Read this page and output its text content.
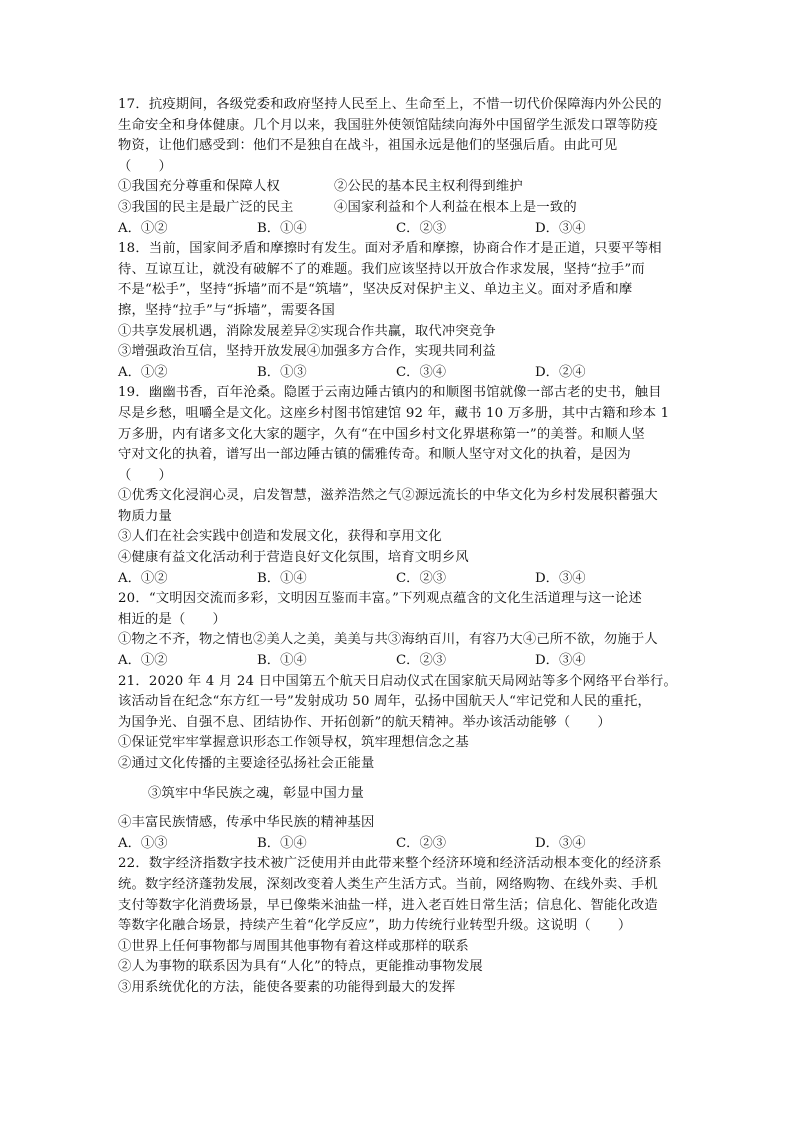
17．抗疫期间，各级党委和政府坚持人民至上、生命至上，不惜一切代价保障海内外公民的
生命安全和身体健康。几个月以来，我国驻外使领馆陆续向海外中国留学生派发口罩等防疫
物资，让他们感受到：他们不是独自在战斗，祖国永远是他们的坚强后盾。由此可见
（　　）
①我国充分尊重和保障人权　　　　②公民的基本民主权利得到维护
③我国的民主是最广泛的民主　　　④国家利益和个人利益在根本上是一致的
A．①②	B．①④	C．②③	D．③④
18．当前，国家间矛盾和摩擦时有发生。面对矛盾和摩擦，协商合作才是正道，只要平等相
待、互谅互让，就没有破解不了的难题。我们应该坚持以开放合作求发展，坚持“拉手”而
不是“松手”，坚持“拆墙”而不是“筑墙”，坚决反对保护主义、单边主义。面对矛盾和摩
擦，坚持“拉手”与“拆墙”，需要各国
①共享发展机遇，消除发展差异②实现合作共赢，取代冲突竞争
③增强政治互信，坚持开放发展④加强多方合作，实现共同利益
A．①②	B．①③	C．③④	D．②④
19．幽幽书香，百年沧桑。隐匿于云南边陲古镇内的和顺图书馆就像一部古老的史书，触目
尽是乡愁，咀嚼全是文化。这座乡村图书馆建馆 92 年，藏书 10 万多册，其中古籍和珍本 1
万多册，内有诸多文化大家的题字，久有“在中国乡村文化界堪称第一”的美誉。和顺人坚
守对文化的执着，谱写出一部边陲古镇的儒雅传奇。和顺人坚守对文化的执着，是因为
（　　）
①优秀文化浸润心灵，启发智慧，滋养浩然之气②源远流长的中华文化为乡村发展积蓄强大
物质力量
③人们在社会实践中创造和发展文化，获得和享用文化
④健康有益文化活动利于营造良好文化氛围，培育文明乡风
A．①②	B．①④	C．②③	D．③④
20．“文明因交流而多彩，文明因互鉴而丰富。”下列观点蕴含的文化生活道理与这一论述
相近的是（　　）
①物之不齐，物之情也②美人之美，美美与共③海纳百川，有容乃大④己所不欲，勿施于人
A．①②	B．①④	C．②③	D．③④
21．2020 年 4 月 24 日中国第五个航天日启动仪式在国家航天局网站等多个网络平台举行。
该活动旨在纪念“东方红一号”发射成功 50 周年，弘扬中国航天人“牢记党和人民的重托，
为国争光、自强不息、团结协作、开拓创新”的航天精神。举办该活动能够（　　）
①保证党牢牢掌握意识形态工作领导权，筑牢理想信念之基
②通过文化传播的主要途径弘扬社会正能量
③筑牢中华民族之魂，彰显中国力量
④丰富民族情感，传承中华民族的精神基因
A．①③	B．①④	C．②③	D．③④
22．数字经济指数字技术被广泛使用并由此带来整个经济环境和经济活动根本变化的经济系
统。数字经济蓬勃发展，深刻改变着人类生产生活方式。当前，网络购物、在线外卖、手机
支付等数字化消费场景，早已像柴米油盐一样，进入老百姓日常生活；信息化、智能化改造
等数字化融合场景，持续产生着“化学反应”，助力传统行业转型升级。这说明（　　）
①世界上任何事物都与周围其他事物有着这样或那样的联系
②人为事物的联系因为具有“人化”的特点，更能推动事物发展
③用系统优化的方法，能使各要素的功能得到最大的发挥
